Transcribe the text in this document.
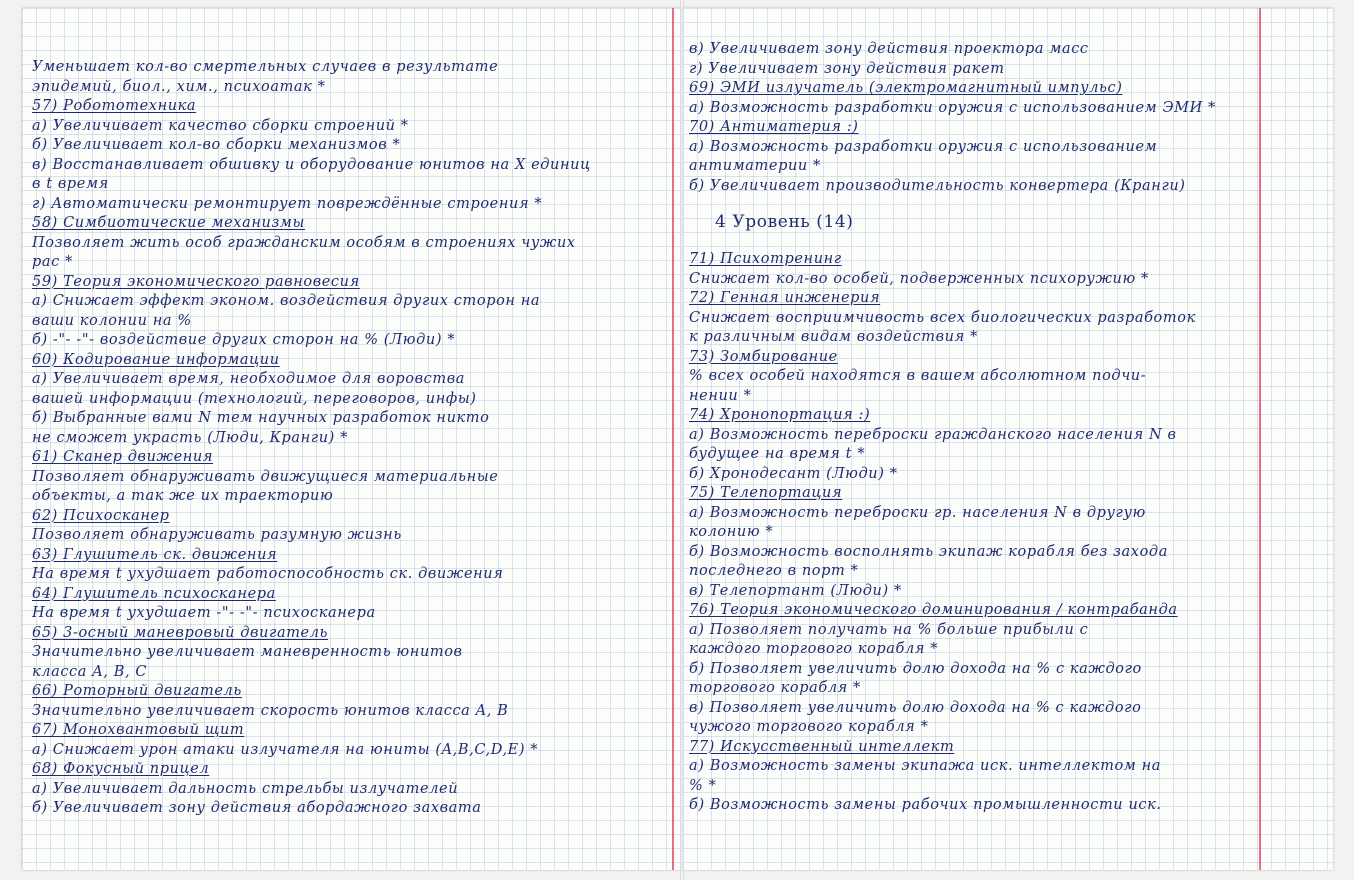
Уменьшает кол-во смертельных случаев в результате
эпидемий, биол., хим., психоатак *
57) Робототехника
а) Увеличивает качество сборки строений *
б) Увеличивает кол-во сборки механизмов *
в) Восстанавливает обшивку и оборудование юнитов на X единиц
в t время
г) Автоматически ремонтирует повреждённые строения *
58) Симбиотические механизмы
Позволяет жить особ гражданским особям в строениях чужих
рас *
59) Теория экономического равновесия
а) Снижает эффект эконом. воздействия других сторон на
ваши колонии на %
б) -"- -"- воздействие других сторон на % (Люди) *
60) Кодирование информации
а) Увеличивает время, необходимое для воровства
вашей информации (технологий, переговоров, инфы)
б) Выбранные вами N тем научных разработок никто
не сможет украсть (Люди, Кранги) *
61) Сканер движения
Позволяет обнаруживать движущиеся материальные
объекты, а так же их траекторию
62) Психосканер
Позволяет обнаруживать разумную жизнь
63) Глушитель ск. движения
На время t ухудшает работоспособность ск. движения
64) Глушитель психосканера
На время t ухудшает -"- -"- психосканера
65) 3-осный маневровый двигатель
Значительно увеличивает маневренность юнитов
класса A, B, C
66) Роторный двигатель
Значительно увеличивает скорость юнитов класса A, B
67) Монохвантовый щит
а) Снижает урон атаки излучателя на юниты (A,B,C,D,E) *
68) Фокусный прицел
а) Увеличивает дальность стрельбы излучателей
б) Увеличивает зону действия абордажного захвата
в) Увеличивает зону действия проектора масс
г) Увеличивает зону действия ракет
69) ЭМИ излучатель (электромагнитный импульс)
а) Возможность разработки оружия с использованием ЭМИ *
70) Антиматерия :)
а) Возможность разработки оружия с использованием
антиматерии *
б) Увеличивает производительность конвертера (Кранги)
4 Уровень (14)
71) Психотренинг
Снижает кол-во особей, подверженных психоружию *
72) Генная инженерия
Снижает восприимчивость всех биологических разработок
к различным видам воздействия *
73) Зомбирование
% всех особей находятся в вашем абсолютном подчи-
нении *
74) Хронопортация :)
а) Возможность переброски гражданского населения N в
будущее на время t *
б) Хронодесант (Люди) *
75) Телепортация
а) Возможность переброски гр. населения N в другую
колонию *
б) Возможность восполнять экипаж корабля без захода
последнего в порт *
в) Телепортант (Люди) *
76) Теория экономического доминирования / контрабанда
а) Позволяет получать на % больше прибыли с
каждого торгового корабля *
б) Позволяет увеличить долю дохода на % с каждого
торгового корабля *
в) Позволяет увеличить долю дохода на % с каждого
чужого торгового корабля *
77) Искусственный интеллект
а) Возможность замены экипажа иск. интеллектом на
% *
б) Возможность замены рабочих промышленности иск.
